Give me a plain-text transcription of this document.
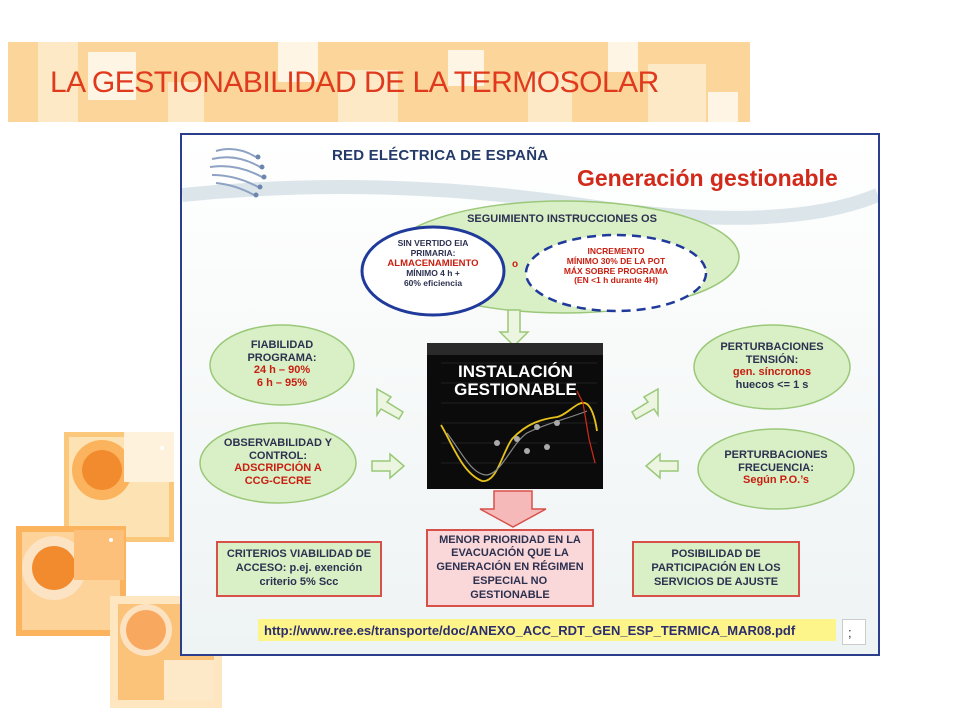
LA GESTIONABILIDAD DE LA TERMOSOLAR
RED ELÉCTRICA DE ESPAÑA
Generación gestionable
SEGUIMIENTO INSTRUCCIONES OS
SIN VERTIDO EIA
PRIMARIA:
ALMACENAMIENTO
MÍNIMO 4 h +
60% eficiencia
o
INCREMENTO
MÍNIMO 30% DE LA POT
MÁX SOBRE PROGRAMA
(EN <1 h durante 4H)
FIABILIDAD
PROGRAMA:
24 h – 90%
6 h – 95%
OBSERVABILIDAD Y
CONTROL:
ADSCRIPCIÓN A
CCG-CECRE
PERTURBACIONES
TENSIÓN:
gen. síncronos
huecos <= 1 s
PERTURBACIONES
FRECUENCIA:
Según P.O.’s
INSTALACIÓN
GESTIONABLE
CRITERIOS VIABILIDAD DE
ACCESO: p.ej. exención
criterio 5% Scc
MENOR PRIORIDAD EN LA
EVACUACIÓN QUE LA
GENERACIÓN EN RÉGIMEN
ESPECIAL NO
GESTIONABLE
POSIBILIDAD DE
PARTICIPACIÓN EN LOS
SERVICIOS DE AJUSTE
http://www.ree.es/transporte/doc/ANEXO_ACC_RDT_GEN_ESP_TERMICA_MAR08.pdf	;
